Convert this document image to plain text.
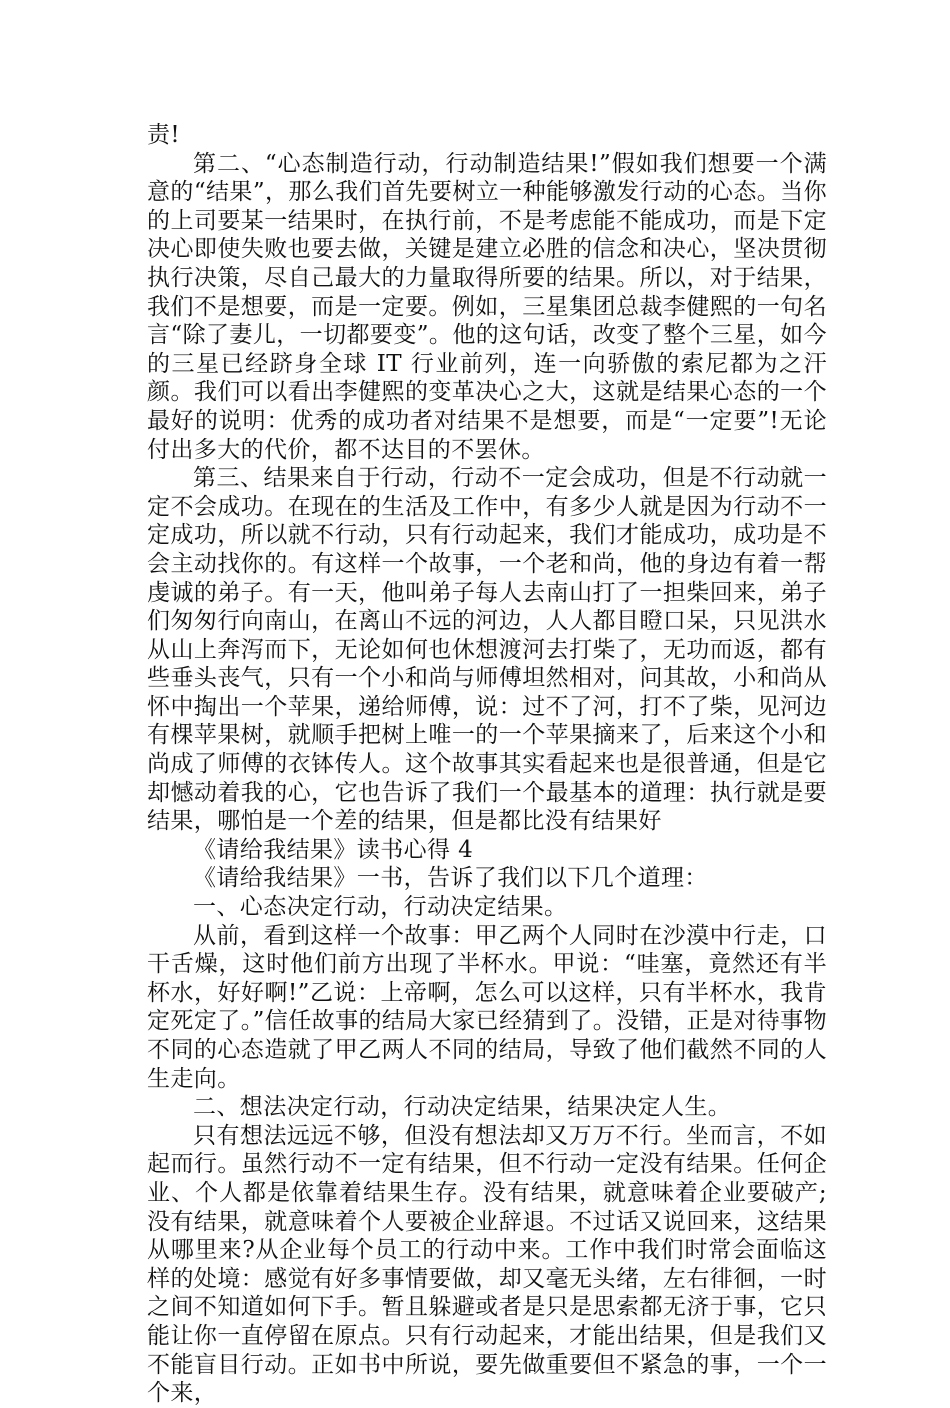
责!

第二、“心态制造行动，行动制造结果!”假如我们想要一个满意的“结果”，那么我们首先要树立一种能够激发行动的心态。当你的上司要某一结果时，在执行前，不是考虑能不能成功，而是下定决心即使失败也要去做，关键是建立必胜的信念和决心，坚决贯彻执行决策，尽自己最大的力量取得所要的结果。所以，对于结果，我们不是想要，而是一定要。例如，三星集团总裁李健熙的一句名言“除了妻儿，一切都要变”。他的这句话，改变了整个三星，如今的三星已经跻身全球 IT 行业前列，连一向骄傲的索尼都为之汗颜。我们可以看出李健熙的变革决心之大，这就是结果心态的一个最好的说明：优秀的成功者对结果不是想要，而是“一定要”!无论付出多大的代价，都不达目的不罢休。

第三、结果来自于行动，行动不一定会成功，但是不行动就一定不会成功。在现在的生活及工作中，有多少人就是因为行动不一定成功，所以就不行动，只有行动起来，我们才能成功，成功是不会主动找你的。有这样一个故事，一个老和尚，他的身边有着一帮虔诚的弟子。有一天，他叫弟子每人去南山打了一担柴回来，弟子们匆匆行向南山，在离山不远的河边，人人都目瞪口呆，只见洪水从山上奔泻而下，无论如何也休想渡河去打柴了，无功而返，都有些垂头丧气，只有一个小和尚与师傅坦然相对，问其故，小和尚从怀中掏出一个苹果，递给师傅，说：过不了河，打不了柴，见河边有棵苹果树，就顺手把树上唯一的一个苹果摘来了，后来这个小和尚成了师傅的衣钵传人。这个故事其实看起来也是很普通，但是它却憾动着我的心，它也告诉了我们一个最基本的道理：执行就是要结果，哪怕是一个差的结果，但是都比没有结果好

《请给我结果》读书心得 4

《请给我结果》一书，告诉了我们以下几个道理：

一、心态决定行动，行动决定结果。

从前，看到这样一个故事：甲乙两个人同时在沙漠中行走，口干舌燥，这时他们前方出现了半杯水。甲说：“哇塞，竟然还有半杯水，好好啊!”乙说：上帝啊，怎么可以这样，只有半杯水，我肯定死定了。”信任故事的结局大家已经猜到了。没错，正是对待事物不同的心态造就了甲乙两人不同的结局，导致了他们截然不同的人生走向。

二、想法决定行动，行动决定结果，结果决定人生。

只有想法远远不够，但没有想法却又万万不行。坐而言，不如起而行。虽然行动不一定有结果，但不行动一定没有结果。任何企业、个人都是依靠着结果生存。没有结果，就意味着企业要破产;没有结果，就意味着个人要被企业辞退。不过话又说回来，这结果从哪里来?从企业每个员工的行动中来。工作中我们时常会面临这样的处境：感觉有好多事情要做，却又毫无头绪，左右徘徊，一时之间不知道如何下手。暂且躲避或者是只是思索都无济于事，它只能让你一直停留在原点。只有行动起来，才能出结果，但是我们又不能盲目行动。正如书中所说，要先做重要但不紧急的事，一个一个来，
